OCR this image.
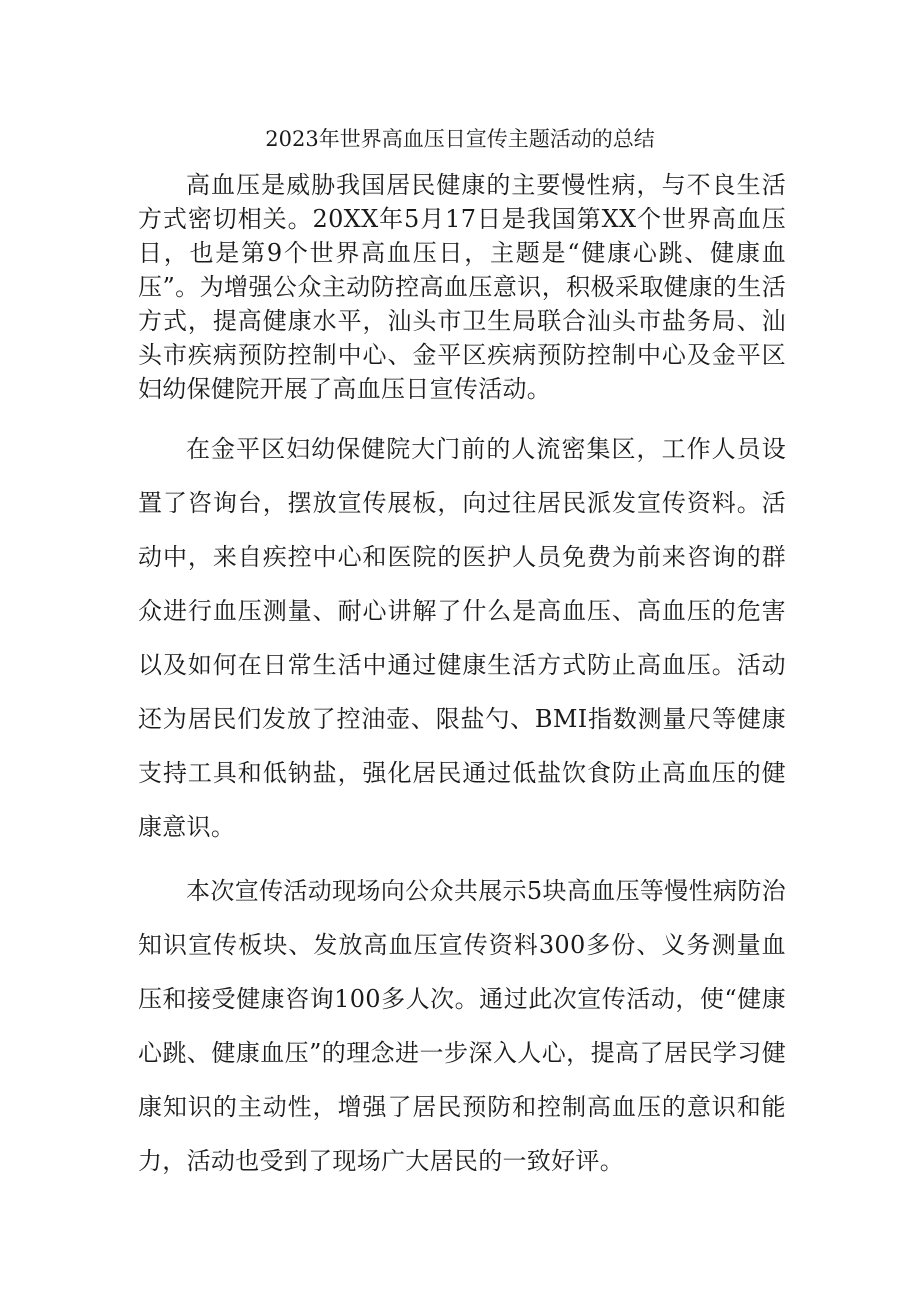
2023年世界高血压日宣传主题活动的总结

高血压是威胁我国居民健康的主要慢性病，与不良生活方式密切相关。20XX年5月17日是我国第XX个世界高血压日，也是第9个世界高血压日，主题是“健康心跳、健康血压”。为增强公众主动防控高血压意识，积极采取健康的生活方式，提高健康水平，汕头市卫生局联合汕头市盐务局、汕头市疾病预防控制中心、金平区疾病预防控制中心及金平区妇幼保健院开展了高血压日宣传活动。

在金平区妇幼保健院大门前的人流密集区，工作人员设置了咨询台，摆放宣传展板，向过往居民派发宣传资料。活动中，来自疾控中心和医院的医护人员免费为前来咨询的群众进行血压测量、耐心讲解了什么是高血压、高血压的危害以及如何在日常生活中通过健康生活方式防止高血压。活动还为居民们发放了控油壶、限盐勺、BMI指数测量尺等健康支持工具和低钠盐，强化居民通过低盐饮食防止高血压的健康意识。

本次宣传活动现场向公众共展示5块高血压等慢性病防治知识宣传板块、发放高血压宣传资料300多份、义务测量血压和接受健康咨询100多人次。通过此次宣传活动，使“健康心跳、健康血压”的理念进一步深入人心，提高了居民学习健康知识的主动性，增强了居民预防和控制高血压的意识和能力，活动也受到了现场广大居民的一致好评。
